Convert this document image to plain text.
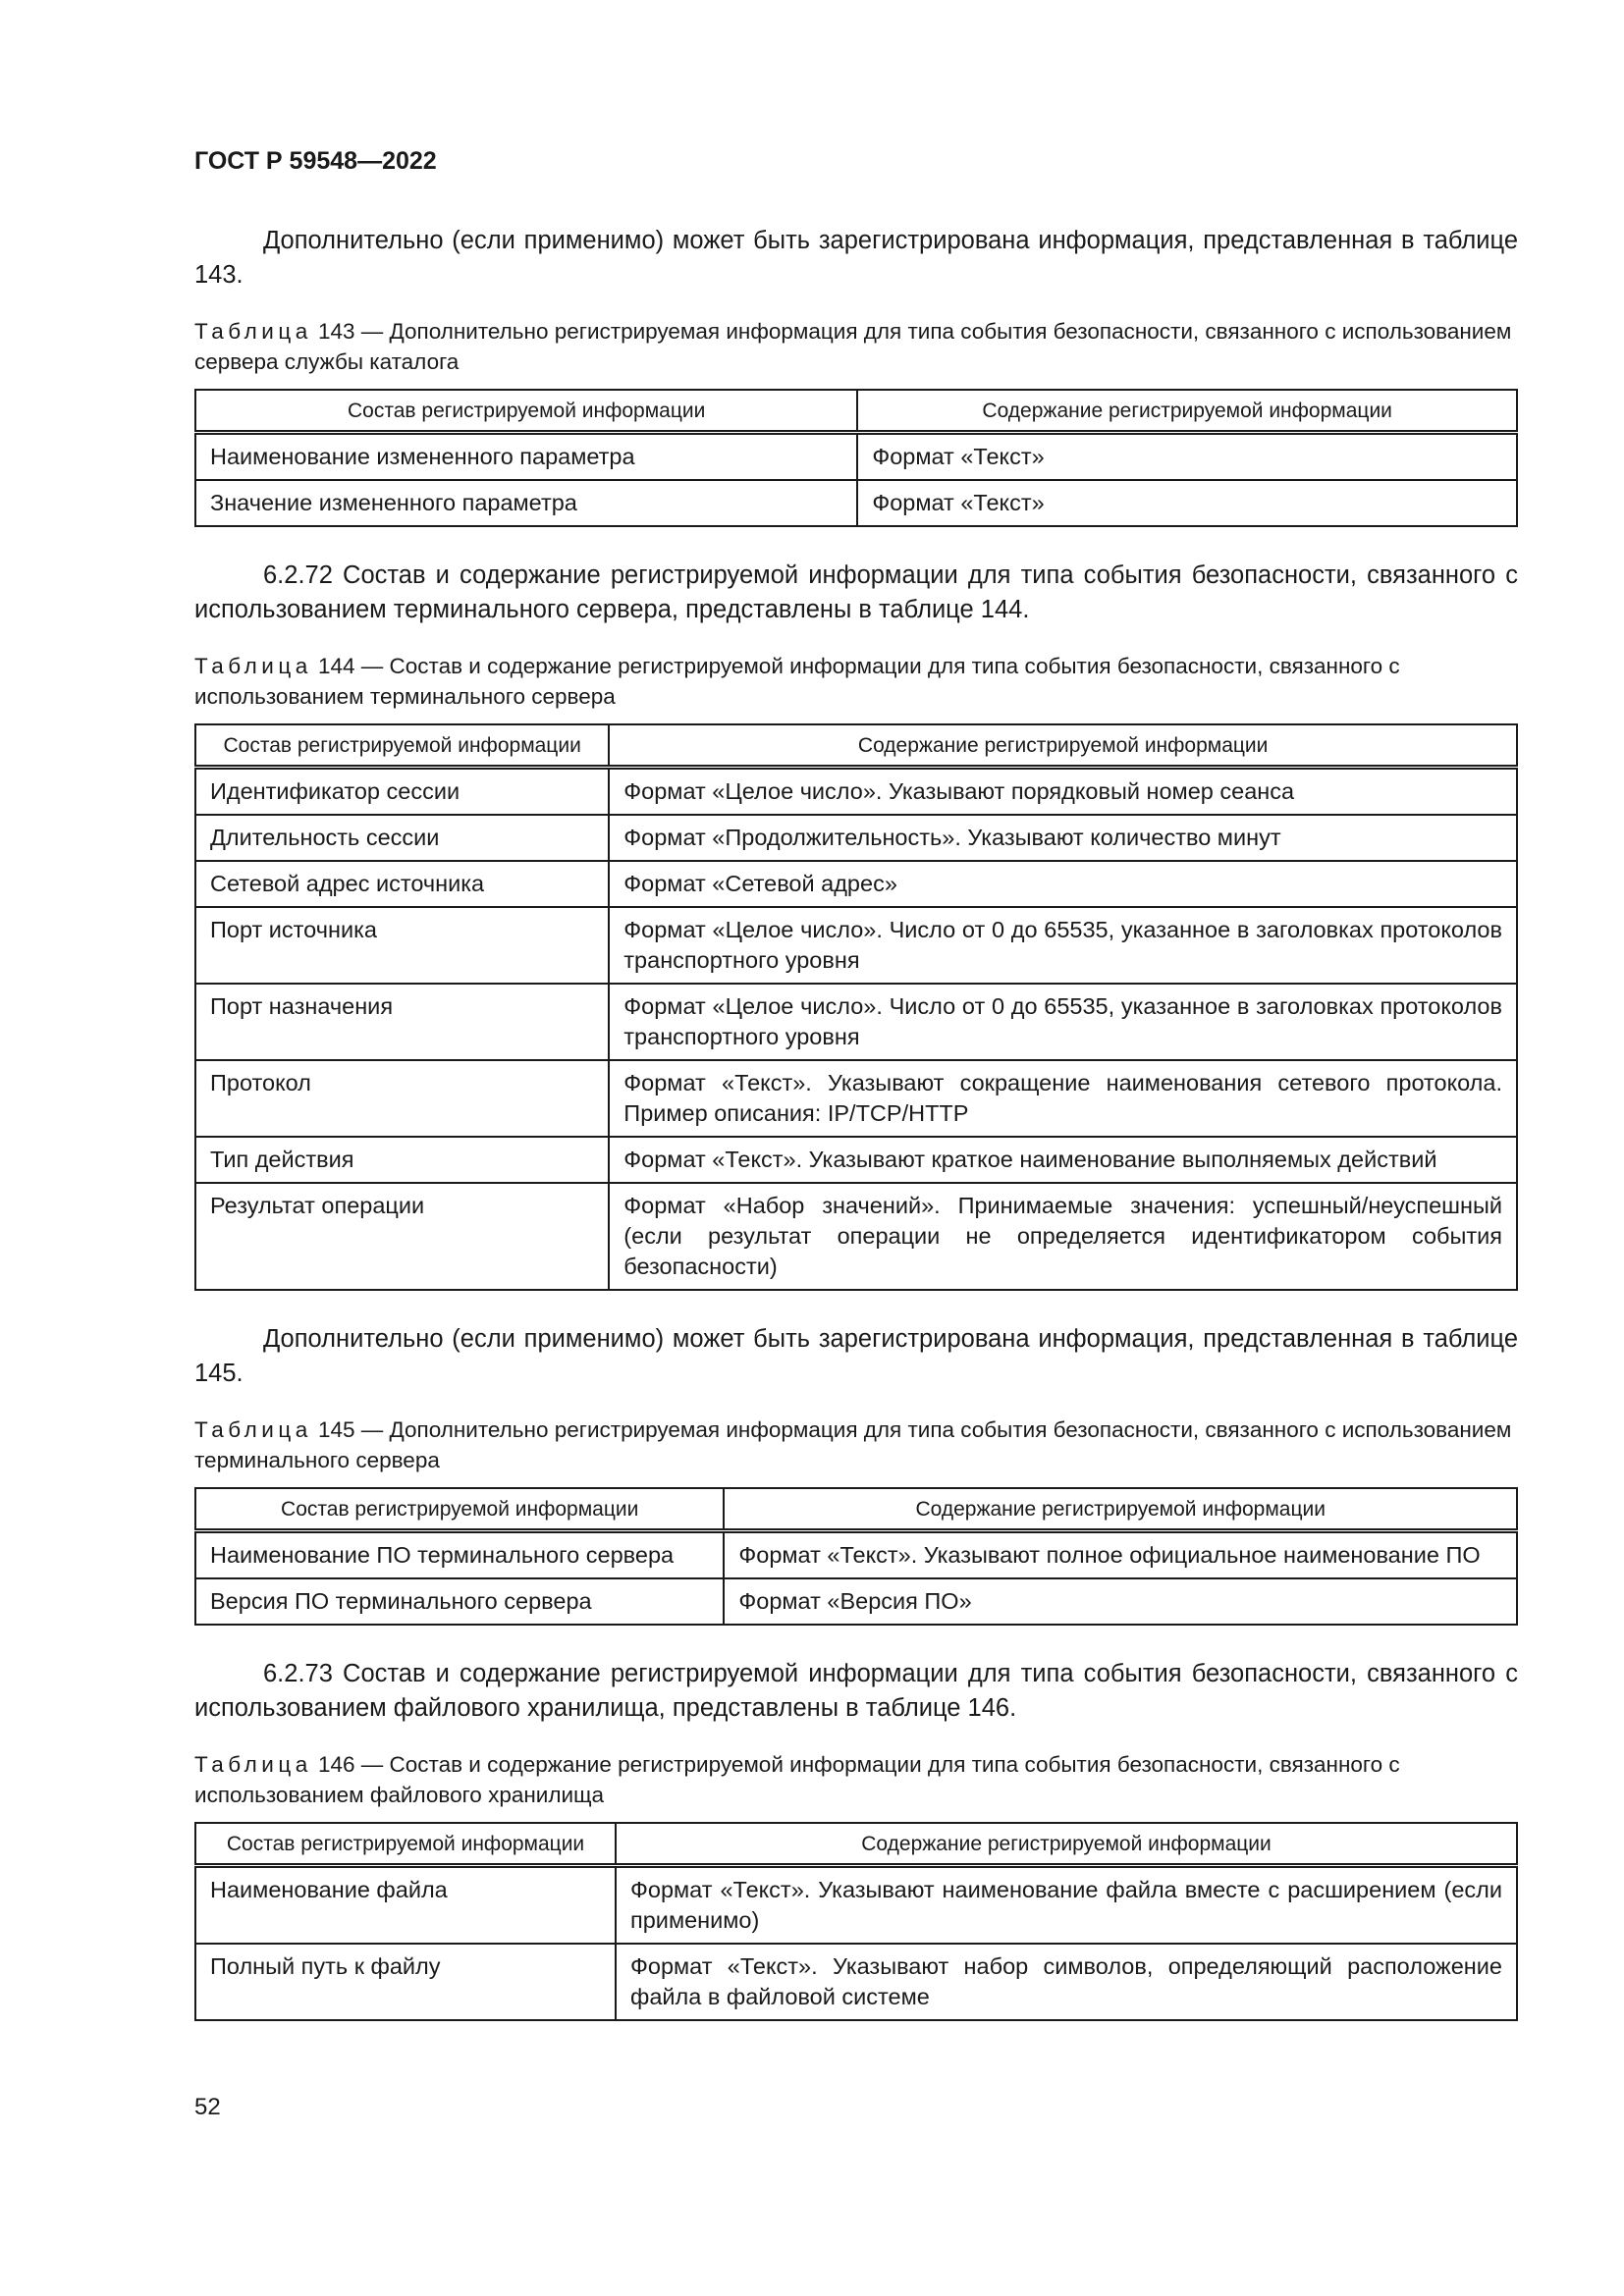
ГОСТ Р 59548—2022

Дополнительно (если применимо) может быть зарегистрирована информация, представленная в таблице 143.

Таблица 143 — Дополнительно регистрируемая информация для типа события безопасности, связанного с использованием сервера службы каталога

Состав регистрируемой информации	Содержание регистрируемой информации
Наименование измененного параметра	Формат «Текст»
Значение измененного параметра	Формат «Текст»

6.2.72 Состав и содержание регистрируемой информации для типа события безопасности, связанного с использованием терминального сервера, представлены в таблице 144.

Таблица 144 — Состав и содержание регистрируемой информации для типа события безопасности, связанного с использованием терминального сервера

Состав регистрируемой информации	Содержание регистрируемой информации
Идентификатор сессии	Формат «Целое число». Указывают порядковый номер сеанса
Длительность сессии	Формат «Продолжительность». Указывают количество минут
Сетевой адрес источника	Формат «Сетевой адрес»
Порт источника	Формат «Целое число». Число от 0 до 65535, указанное в заголовках протоколов транспортного уровня
Порт назначения	Формат «Целое число». Число от 0 до 65535, указанное в заголовках протоколов транспортного уровня
Протокол	Формат «Текст». Указывают сокращение наименования сетевого протокола. Пример описания: IP/TCP/HTTP
Тип действия	Формат «Текст». Указывают краткое наименование выполняемых действий
Результат операции	Формат «Набор значений». Принимаемые значения: успешный/неуспешный (если результат операции не определяется идентификатором события безопасности)

Дополнительно (если применимо) может быть зарегистрирована информация, представленная в таблице 145.

Таблица 145 — Дополнительно регистрируемая информация для типа события безопасности, связанного с использованием терминального сервера

Состав регистрируемой информации	Содержание регистрируемой информации
Наименование ПО терминального сервера	Формат «Текст». Указывают полное официальное наименование ПО
Версия ПО терминального сервера	Формат «Версия ПО»

6.2.73 Состав и содержание регистрируемой информации для типа события безопасности, связанного с использованием файлового хранилища, представлены в таблице 146.

Таблица 146 — Состав и содержание регистрируемой информации для типа события безопасности, связанного с использованием файлового хранилища

Состав регистрируемой информации	Содержание регистрируемой информации
Наименование файла	Формат «Текст». Указывают наименование файла вместе с расширением (если применимо)
Полный путь к файлу	Формат «Текст». Указывают набор символов, определяющий расположение файла в файловой системе
52
